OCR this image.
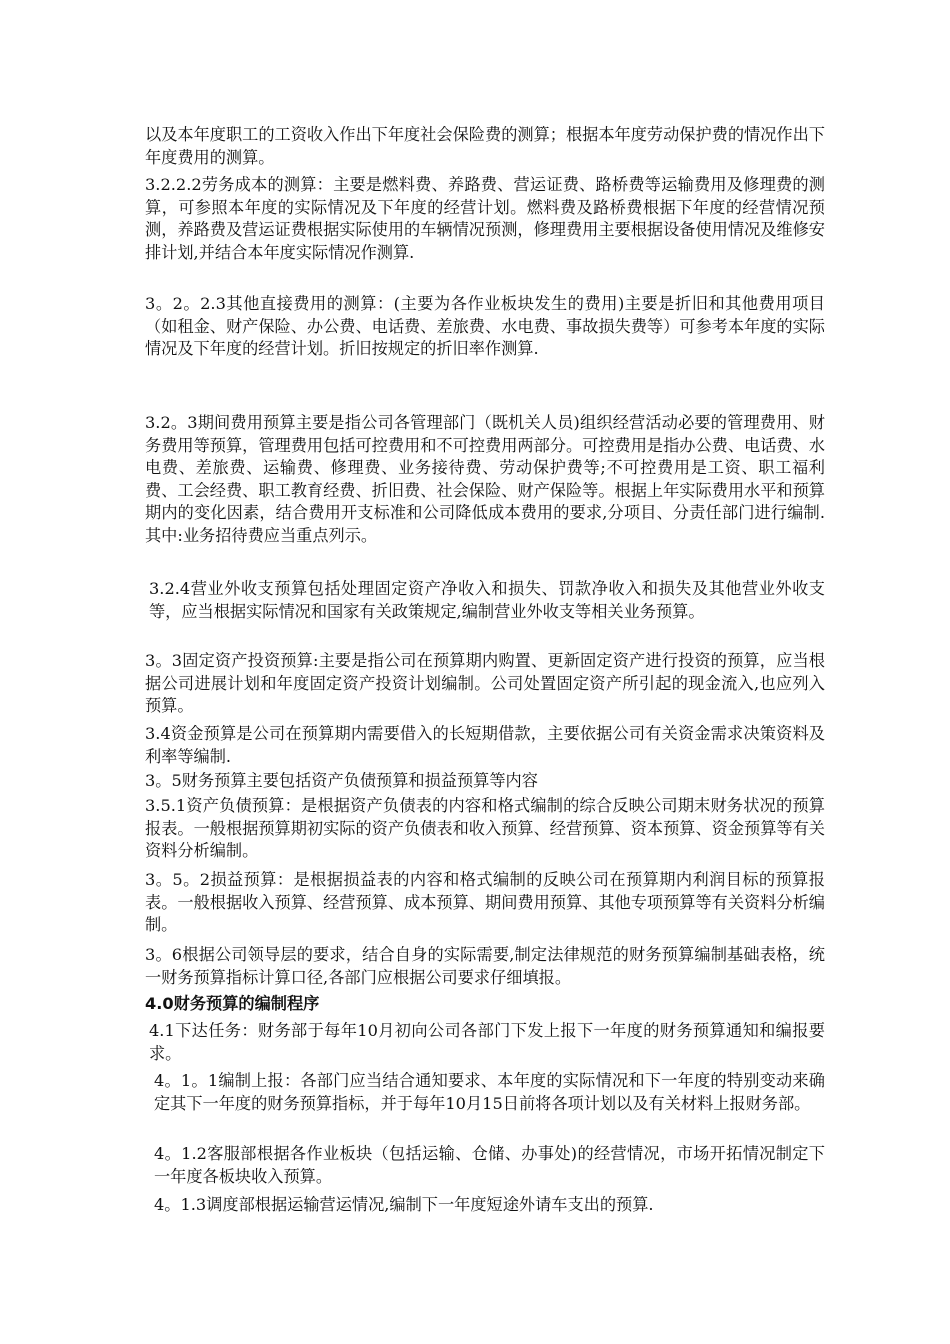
以及本年度职工的工资收入作出下年度社会保险费的测算；根据本年度劳动保护费的情况作出下年度费用的测算。

3.2.2.2劳务成本的测算：主要是燃料费、养路费、营运证费、路桥费等运输费用及修理费的测算，可参照本年度的实际情况及下年度的经营计划。燃料费及路桥费根据下年度的经营情况预测，养路费及营运证费根据实际使用的车辆情况预测，修理费用主要根据设备使用情况及维修安排计划,并结合本年度实际情况作测算.

3。2。2.3其他直接费用的测算：(主要为各作业板块发生的费用)主要是折旧和其他费用项目（如租金、财产保险、办公费、电话费、差旅费、水电费、事故损失费等）可参考本年度的实际情况及下年度的经营计划。折旧按规定的折旧率作测算.

3.2。3期间费用预算主要是指公司各管理部门（既机关人员)组织经营活动必要的管理费用、财务费用等预算，管理费用包括可控费用和不可控费用两部分。可控费用是指办公费、电话费、水电费、差旅费、运输费、修理费、业务接待费、劳动保护费等;不可控费用是工资、职工福利费、工会经费、职工教育经费、折旧费、社会保险、财产保险等。根据上年实际费用水平和预算期内的变化因素，结合费用开支标准和公司降低成本费用的要求,分项目、分责任部门进行编制.其中:业务招待费应当重点列示。

3.2.4营业外收支预算包括处理固定资产净收入和损失、罚款净收入和损失及其他营业外收支等，应当根据实际情况和国家有关政策规定,编制营业外收支等相关业务预算。

3。3固定资产投资预算:主要是指公司在预算期内购置、更新固定资产进行投资的预算，应当根据公司进展计划和年度固定资产投资计划编制。公司处置固定资产所引起的现金流入,也应列入预算。

3.4资金预算是公司在预算期内需要借入的长短期借款，主要依据公司有关资金需求决策资料及利率等编制.

3。5财务预算主要包括资产负债预算和损益预算等内容

3.5.1资产负债预算：是根据资产负债表的内容和格式编制的综合反映公司期末财务状况的预算报表。一般根据预算期初实际的资产负债表和收入预算、经营预算、资本预算、资金预算等有关资料分析编制。

3。5。2损益预算：是根据损益表的内容和格式编制的反映公司在预算期内利润目标的预算报表。一般根据收入预算、经营预算、成本预算、期间费用预算、其他专项预算等有关资料分析编制。

3。6根据公司领导层的要求，结合自身的实际需要,制定法律规范的财务预算编制基础表格，统一财务预算指标计算口径,各部门应根据公司要求仔细填报。

4.0财务预算的编制程序

4.1下达任务：财务部于每年10月初向公司各部门下发上报下一年度的财务预算通知和编报要求。

4。1。1编制上报：各部门应当结合通知要求、本年度的实际情况和下一年度的特别变动来确定其下一年度的财务预算指标，并于每年10月15日前将各项计划以及有关材料上报财务部。

4。1.2客服部根据各作业板块（包括运输、仓储、办事处)的经营情况，市场开拓情况制定下一年度各板块收入预算。

4。1.3调度部根据运输营运情况,编制下一年度短途外请车支出的预算.
